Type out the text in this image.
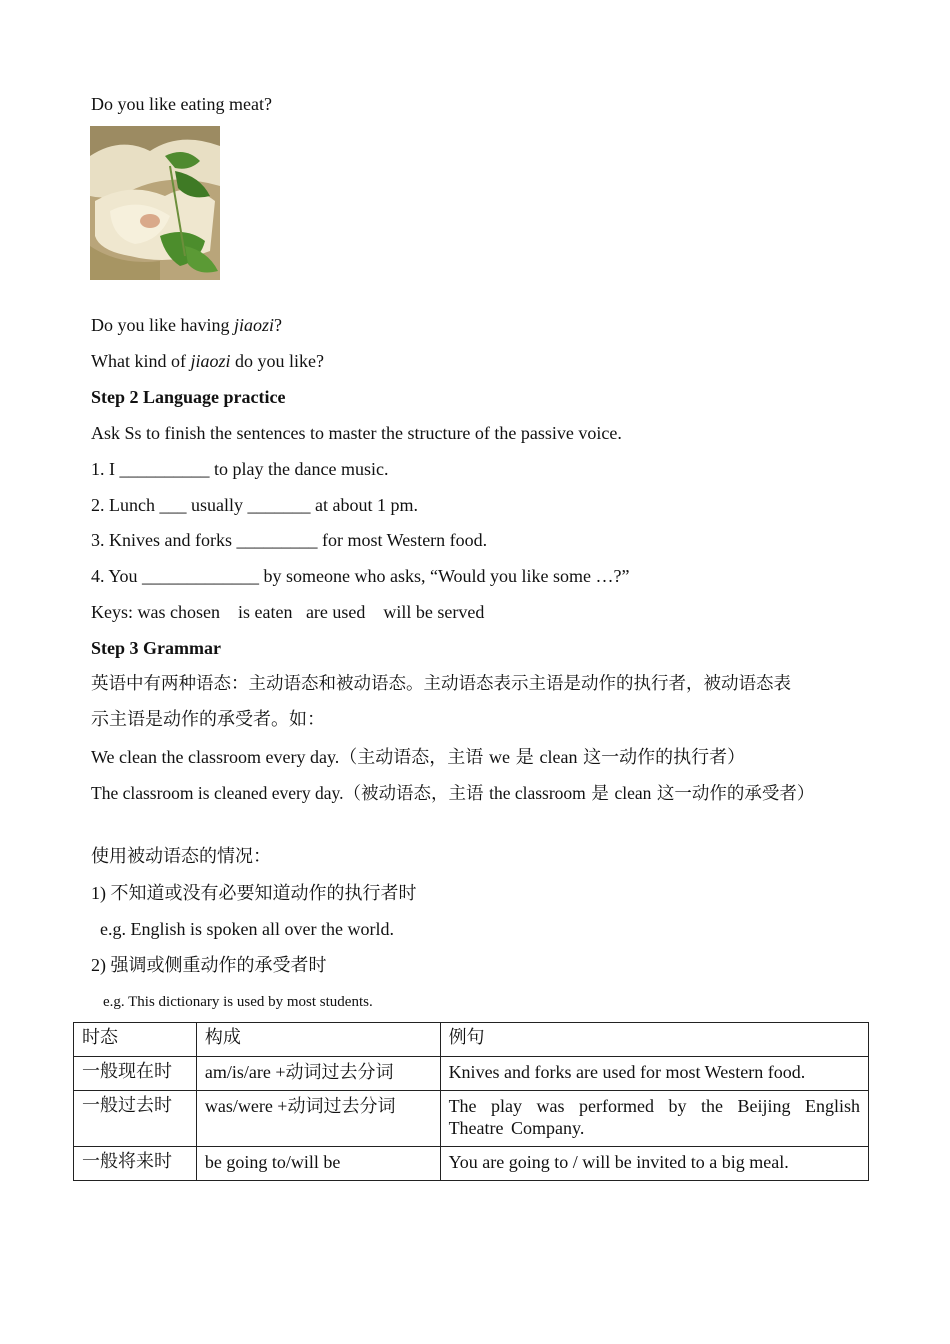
Do you like eating meat?
Do you like having jiaozi?
What kind of jiaozi do you like?
Step 2 Language practice
Ask Ss to finish the sentences to master the structure of the passive voice.
1. I __________ to play the dance music.
2. Lunch ___ usually _______ at about 1 pm.
3. Knives and forks _________ for most Western food.
4. You _____________ by someone who asks, “Would you like some …?”
Keys: was chosen    is eaten   are used    will be served
Step 3 Grammar
英语中有两种语态：主动语态和被动语态。主动语态表示主语是动作的执行者，被动语态表
示主语是动作的承受者。如：
We clean the classroom every day.（主动语态，主语 we 是 clean 这一动作的执行者）
The classroom is cleaned every day.（被动语态，主语 the classroom 是 clean 这一动作的承受者）
使用被动语态的情况：
1) 不知道或没有必要知道动作的执行者时
e.g. English is spoken all over the world.
2) 强调或侧重动作的承受者时
e.g. This dictionary is used by most students.
时态	构成	例句
一般现在时	am/is/are +动词过去分词	Knives and forks are used for most Western food.
一般过去时	was/were +动词过去分词	The play was performed by the Beijing English Theatre Company.
一般将来时	be going to/will be	You are going to / will be invited to a big meal.
